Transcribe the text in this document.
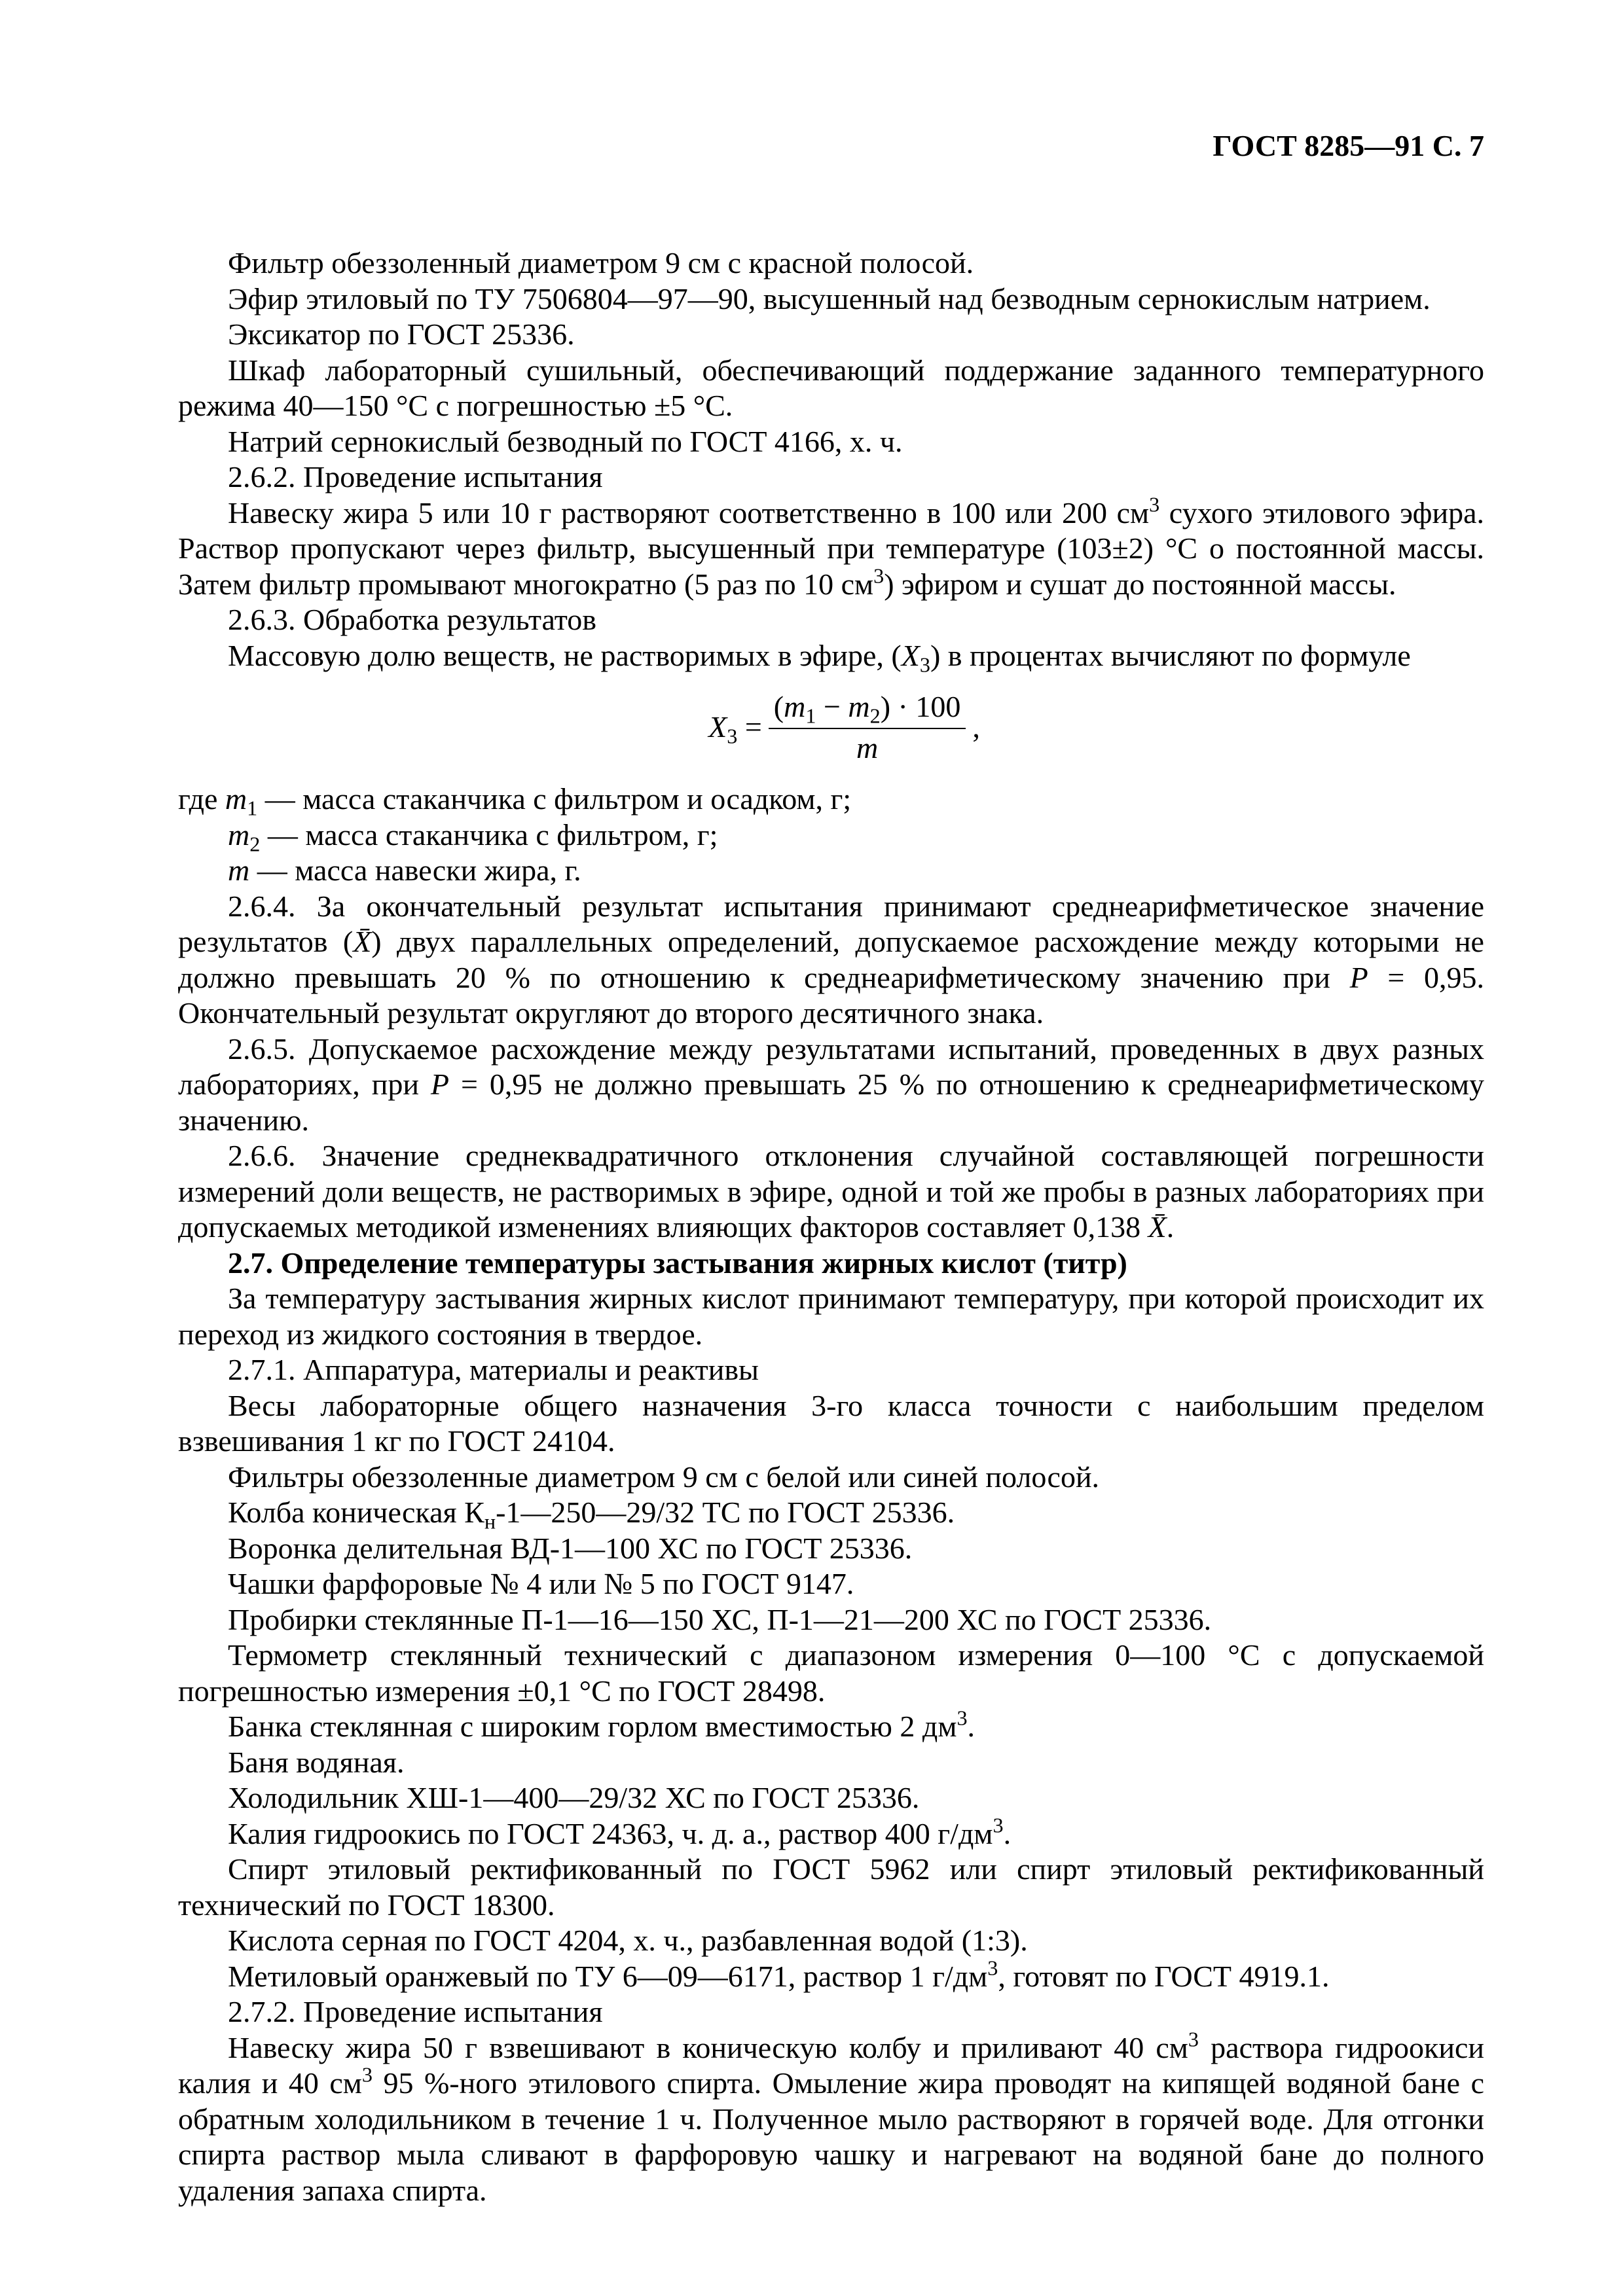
ГОСТ 8285—91 С. 7

Фильтр обеззоленный диаметром 9 см с красной полосой.

Эфир этиловый по ТУ 7506804—97—90, высушенный над безводным сернокислым натрием.

Эксикатор по ГОСТ 25336.

Шкаф лабораторный сушильный, обеспечивающий поддержание заданного температурного режима 40—150 °С с погрешностью ±5 °С.

Натрий сернокислый безводный по ГОСТ 4166, х. ч.

2.6.2. Проведение испытания

Навеску жира 5 или 10 г растворяют соответственно в 100 или 200 $см^3$ сухого этилового эфира. Раствор пропускают через фильтр, высушенный при температуре (103±2) °С о постоянной массы. Затем фильтр промывают многократно (5 раз по 10 $см^3$) эфиром и сушат до постоянной массы.

2.6.3. Обработка результатов

Массовую долю веществ, не растворимых в эфире, $(X_3)$ в процентах вычисляют по формуле

$X_3 = \frac{(m_1 - m_2) \cdot 100}{m}$ ,

где $m_1$ — масса стаканчика с фильтром и осадком, г;

$m_2$ — масса стаканчика с фильтром, г;

m — масса навески жира, г.

2.6.4. За окончательный результат испытания принимают среднеарифметическое значение результатов (X̄) двух параллельных определений, допускаемое расхождение между которыми не должно превышать 20 % по отношению к среднеарифметическому значению при P = 0,95. Окончательный результат округляют до второго десятичного знака.

2.6.5. Допускаемое расхождение между результатами испытаний, проведенных в двух разных лабораториях, при P = 0,95 не должно превышать 25 % по отношению к среднеарифметическому значению.

2.6.6. Значение среднеквадратичного отклонения случайной составляющей погрешности измерений доли веществ, не растворимых в эфире, одной и той же пробы в разных лабораториях при допускаемых методикой изменениях влияющих факторов составляет 0,138 X̄.

2.7. Определение температуры застывания жирных кислот (титр)

За температуру застывания жирных кислот принимают температуру, при которой происходит их переход из жидкого состояния в твердое.

2.7.1. Аппаратура, материалы и реактивы

Весы лабораторные общего назначения 3-го класса точности с наибольшим пределом взвешивания 1 кг по ГОСТ 24104.

Фильтры обеззоленные диаметром 9 см с белой или синей полосой.

Колба коническая $К_н-1—250—29/32$ ТС по ГОСТ 25336.

Воронка делительная ВД-1—100 ХС по ГОСТ 25336.

Чашки фарфоровые № 4 или № 5 по ГОСТ 9147.

Пробирки стеклянные П-1—16—150 ХС, П-1—21—200 ХС по ГОСТ 25336.

Термометр стеклянный технический с диапазоном измерения 0—100 °С с допускаемой погрешностью измерения ±0,1 °С по ГОСТ 28498.

Банка стеклянная с широким горлом вместимостью 2 $дм^3$.

Баня водяная.

Холодильник ХШ-1—400—29/32 ХС по ГОСТ 25336.

Калия гидроокись по ГОСТ 24363, ч. д. а., раствор 400 $г/дм^3$.

Спирт этиловый ректификованный по ГОСТ 5962 или спирт этиловый ректификованный технический по ГОСТ 18300.

Кислота серная по ГОСТ 4204, х. ч., разбавленная водой (1:3).

Метиловый оранжевый по ТУ 6—09—6171, раствор 1 $г/дм^3$, готовят по ГОСТ 4919.1.

2.7.2. Проведение испытания

Навеску жира 50 г взвешивают в коническую колбу и приливают 40 $см^3$ раствора гидроокиси калия и 40 $см^3$ 95 %-ного этилового спирта. Омыление жира проводят на кипящей водяной бане с обратным холодильником в течение 1 ч. Полученное мыло растворяют в горячей воде. Для отгонки спирта раствор мыла сливают в фарфоровую чашку и нагревают на водяной бане до полного удаления запаха спирта.
